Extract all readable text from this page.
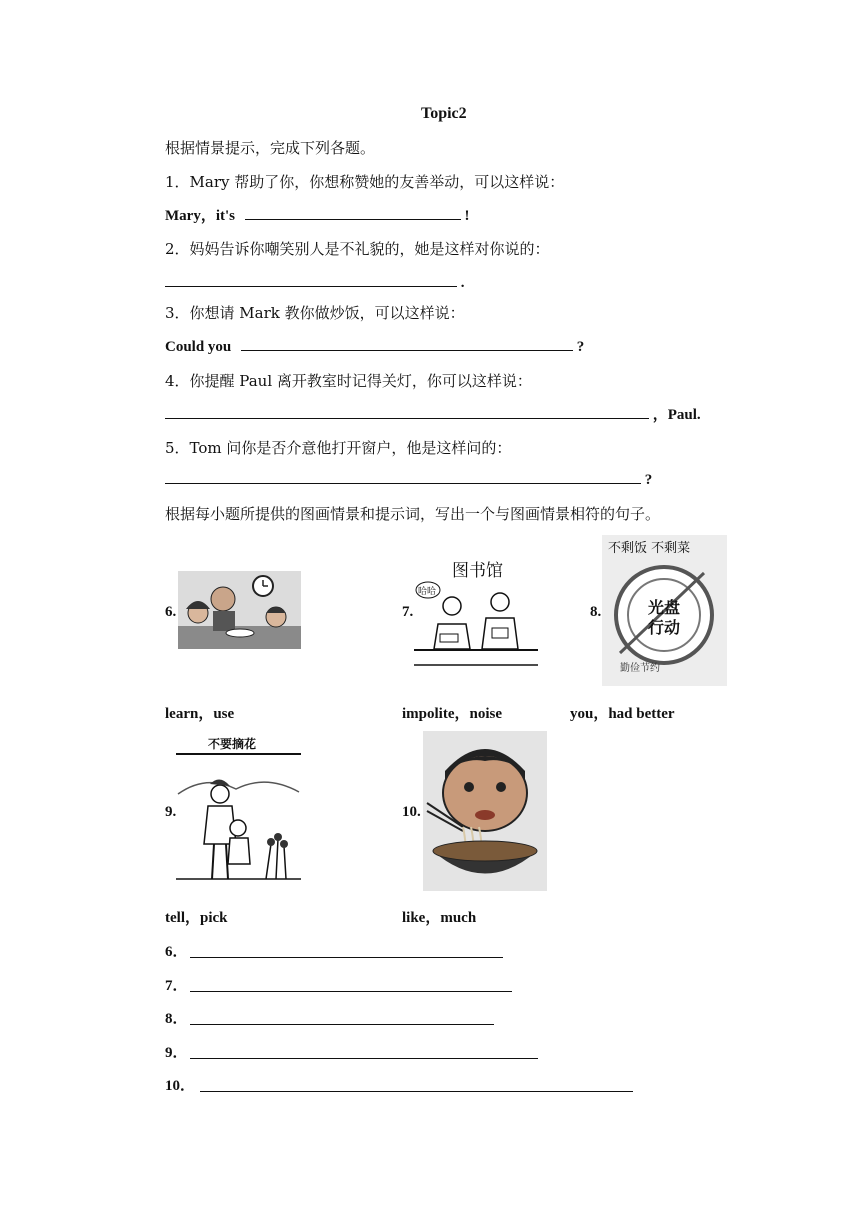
Topic2
根据情景提示，完成下列各题。
1．Mary 帮助了你，你想称赞她的友善举动，可以这样说：
Mary，it's	!
2．妈妈告诉你嘲笑别人是不礼貌的，她是这样对你说的：
.
3．你想请 Mark 教你做炒饭，可以这样说：
Could you	?
4．你提醒 Paul 离开教室时记得关灯，你可以这样说：
，Paul.
5．Tom 问你是否介意他打开窗户，他是这样问的：
?
根据每小题所提供的图画情景和提示词，写出一个与图画情景相符的句子。
6.
learn，use
7.
图书馆
哈哈
impolite，noise
8.
不剩饭 不剩菜
光盘
行动
勤俭节约
you，had better
9.
不要摘花
tell，pick
10.
like，much
6．
7．
8．
9．
10．
